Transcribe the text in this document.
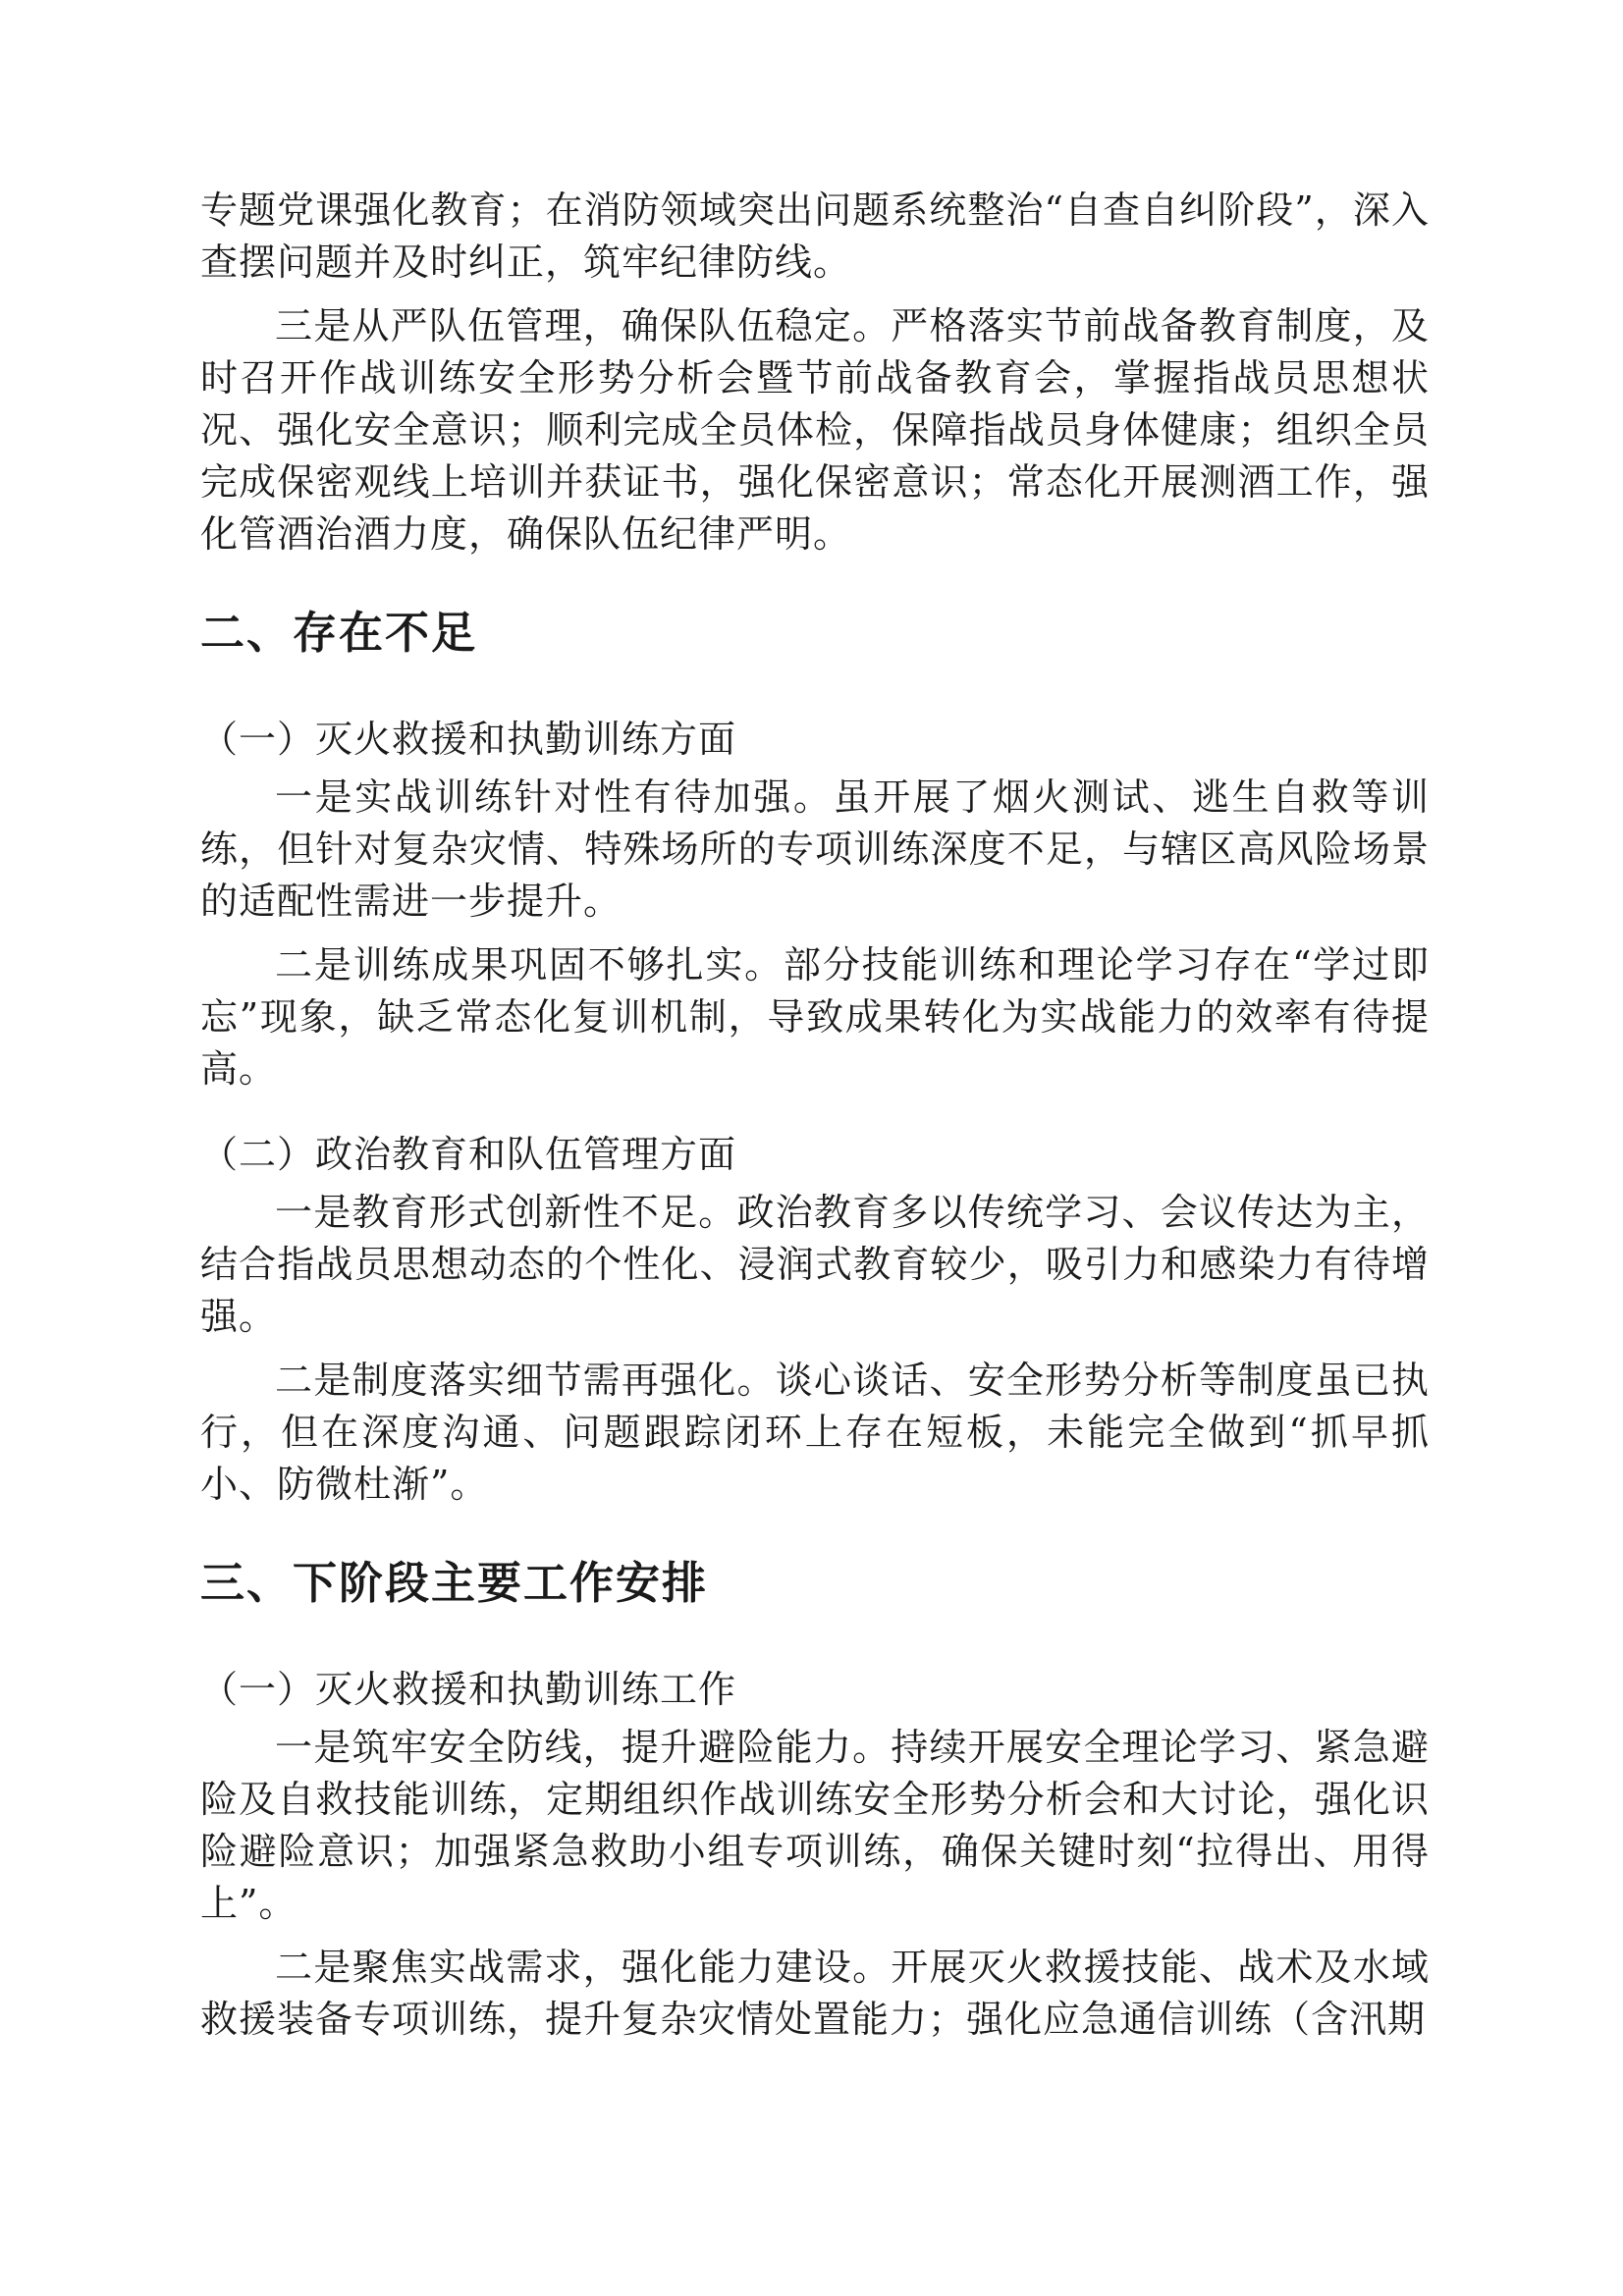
专题党课强化教育；在消防领域突出问题系统整治“自查自纠阶段”，深入查摆问题并及时纠正，筑牢纪律防线。

三是从严队伍管理，确保队伍稳定。严格落实节前战备教育制度，及时召开作战训练安全形势分析会暨节前战备教育会，掌握指战员思想状况、强化安全意识；顺利完成全员体检，保障指战员身体健康；组织全员完成保密观线上培训并获证书，强化保密意识；常态化开展测酒工作，强化管酒治酒力度，确保队伍纪律严明。

二、存在不足
（一）灭火救援和执勤训练方面

一是实战训练针对性有待加强。虽开展了烟火测试、逃生自救等训练，但针对复杂灾情、特殊场所的专项训练深度不足，与辖区高风险场景的适配性需进一步提升。

二是训练成果巩固不够扎实。部分技能训练和理论学习存在“学过即忘”现象，缺乏常态化复训机制，导致成果转化为实战能力的效率有待提高。

（二）政治教育和队伍管理方面

一是教育形式创新性不足。政治教育多以传统学习、会议传达为主，结合指战员思想动态的个性化、浸润式教育较少，吸引力和感染力有待增强。

二是制度落实细节需再强化。谈心谈话、安全形势分析等制度虽已执行，但在深度沟通、问题跟踪闭环上存在短板，未能完全做到“抓早抓小、防微杜渐”。

三、下阶段主要工作安排
（一）灭火救援和执勤训练工作

一是筑牢安全防线，提升避险能力。持续开展安全理论学习、紧急避险及自救技能训练，定期组织作战训练安全形势分析会和大讨论，强化识险避险意识；加强紧急救助小组专项训练，确保关键时刻“拉得出、用得上”。

二是聚焦实战需求，强化能力建设。开展灭火救援技能、战术及水域救援装备专项训练，提升复杂灾情处置能力；强化应急通信训练（含汛期
